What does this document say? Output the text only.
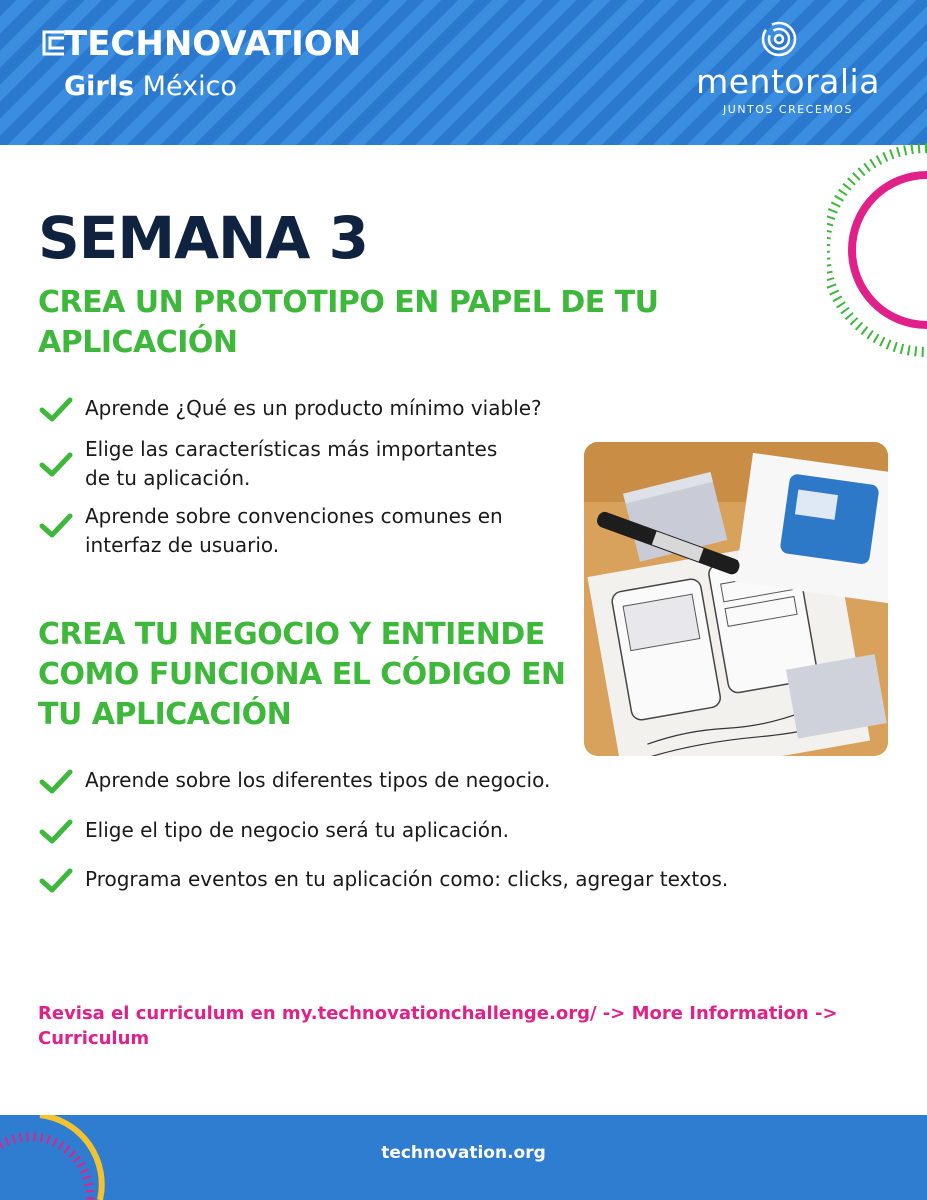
TECHNOVATION
Girls México	mentoralia
JUNTOS CRECEMOS
SEMANA 3
CREA UN PROTOTIPO EN PAPEL DE TU APLICACIÓN
Aprende ¿Qué es un producto mínimo viable?
Elige las características más importantes
de tu aplicación.
Aprende sobre convenciones comunes en
interfaz de usuario.
CREA TU NEGOCIO Y ENTIENDE COMO FUNCIONA EL CÓDIGO EN TU APLICACIÓN
Aprende sobre los diferentes tipos de negocio.
Elige el tipo de negocio será tu aplicación.
Programa eventos en tu aplicación como: clicks, agregar textos.
Revisa el curriculum en my.technovationchallenge.org/ -> More Information -> Curriculum
technovation.org
